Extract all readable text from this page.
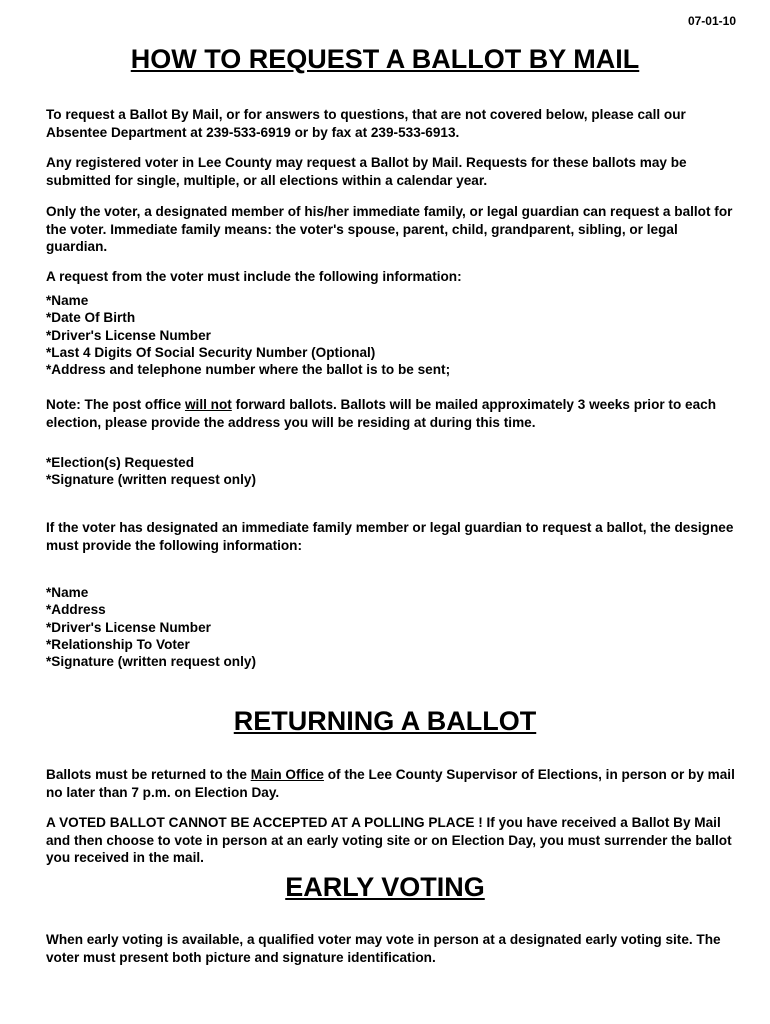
07-01-10
HOW TO REQUEST A BALLOT BY MAIL

To request a Ballot By Mail, or for answers to questions, that are not covered below, please call our Absentee Department at 239-533-6919 or by fax at 239-533-6913.

Any registered voter in Lee County may request a Ballot by Mail. Requests for these ballots may be submitted for single, multiple, or all elections within a calendar year.

Only the voter, a designated member of his/her immediate family, or legal guardian can request a ballot for the voter. Immediate family means: the voter's spouse, parent, child, grandparent, sibling, or legal guardian.

A request from the voter must include the following information:

*Name
*Date Of Birth
*Driver's License Number
*Last 4 Digits Of Social Security Number (Optional)
*Address and telephone number where the ballot is to be sent;

Note: The post office will not forward ballots. Ballots will be mailed approximately 3 weeks prior to each election, please provide the address you will be residing at during this time.

*Election(s) Requested
*Signature (written request only)

If the voter has designated an immediate family member or legal guardian to request a ballot, the designee must provide the following information:

*Name
*Address
*Driver's License Number
*Relationship To Voter
*Signature (written request only)
RETURNING A BALLOT

Ballots must be returned to the Main Office of the Lee County Supervisor of Elections, in person or by mail no later than 7 p.m. on Election Day.

A VOTED BALLOT CANNOT BE ACCEPTED AT A POLLING PLACE ! If you have received a Ballot By Mail and then choose to vote in person at an early voting site or on Election Day, you must surrender the ballot you received in the mail.

EARLY VOTING

When early voting is available, a qualified voter may vote in person at a designated early voting site. The voter must present both picture and signature identification.
